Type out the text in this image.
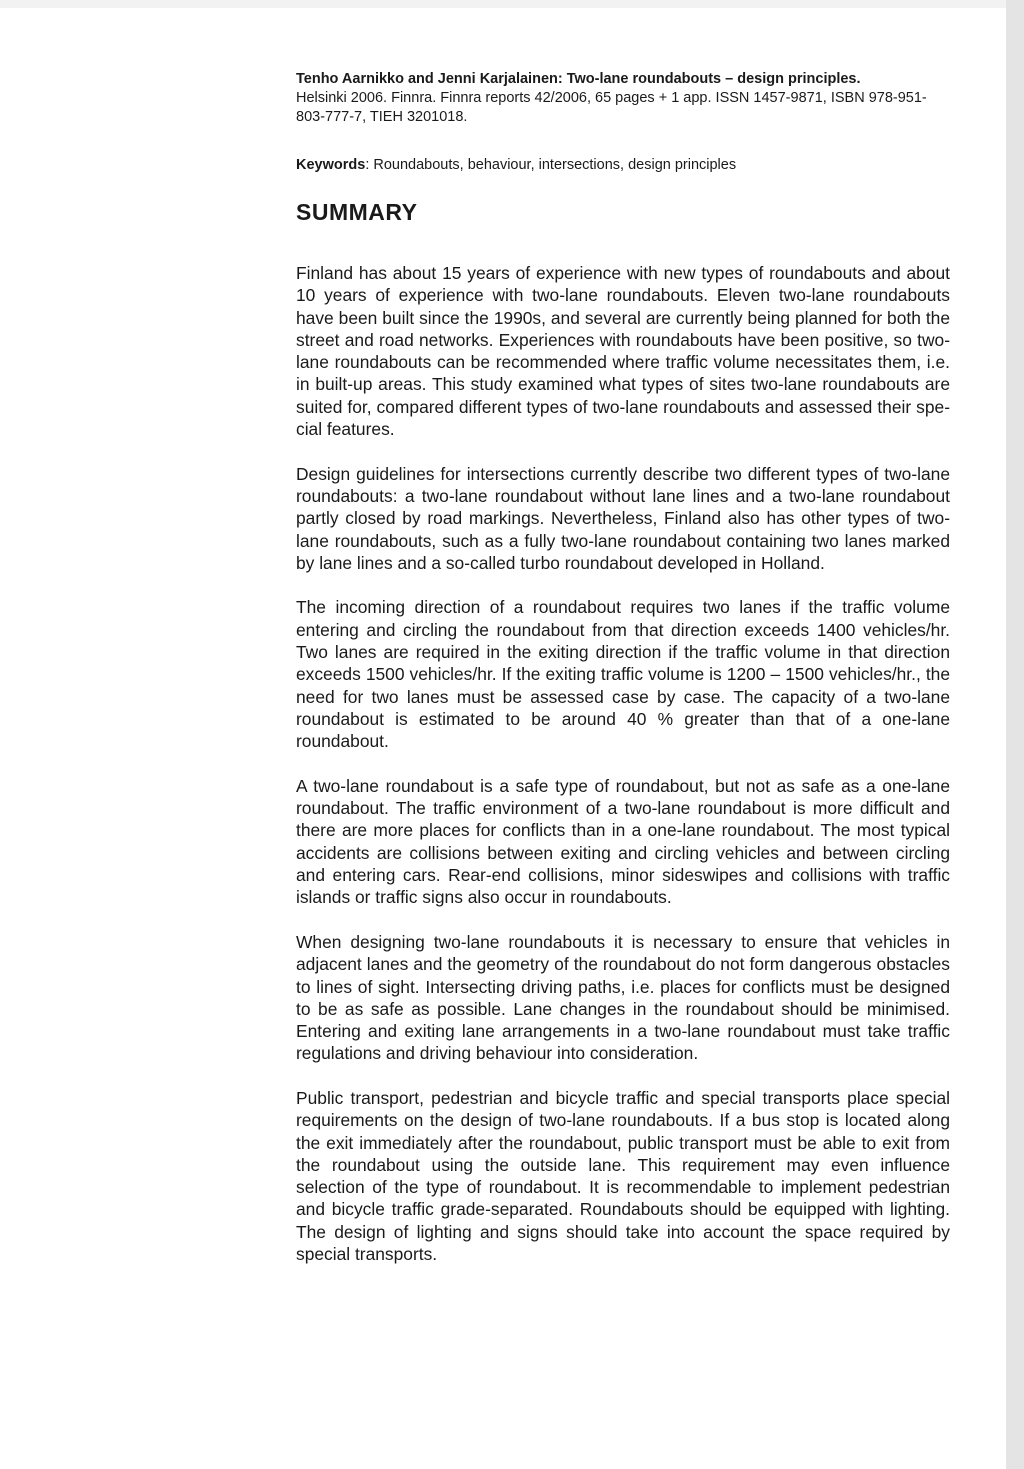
Tenho Aarnikko and Jenni Karjalainen: Two-lane roundabouts – design principles.
Helsinki 2006. Finnra. Finnra reports 42/2006, 65 pages + 1 app. ISSN 1457-9871, ISBN 978-951-803-777-7, TIEH 3201018.

Keywords: Roundabouts, behaviour, intersections, design principles

SUMMARY

Finland has about 15 years of experience with new types of roundabouts and about 10 years of experience with two-lane roundabouts. Eleven two-lane roundabouts have been built since the 1990s, and several are currently being planned for both the street and road networks. Experiences with roundabouts have been positive, so two-lane roundabouts can be recommended where traffic volume necessitates them, i.e. in built-up areas. This study examined what types of sites two-lane roundabouts are suited for, compared different types of two-lane roundabouts and assessed their special features.

Design guidelines for intersections currently describe two different types of two-lane roundabouts: a two-lane roundabout without lane lines and a two-lane roundabout partly closed by road markings. Nevertheless, Finland also has other types of two-lane roundabouts, such as a fully two-lane roundabout containing two lanes marked by lane lines and a so-called turbo roundabout developed in Holland.

The incoming direction of a roundabout requires two lanes if the traffic volume entering and circling the roundabout from that direction exceeds 1400 vehicles/hr. Two lanes are required in the exiting direction if the traffic volume in that direction exceeds 1500 vehicles/hr. If the exiting traffic volume is 1200 – 1500 vehicles/hr., the need for two lanes must be assessed case by case. The capacity of a two-lane roundabout is estimated to be around 40 % greater than that of a one-lane roundabout.

A two-lane roundabout is a safe type of roundabout, but not as safe as a one-lane roundabout. The traffic environment of a two-lane roundabout is more difficult and there are more places for conflicts than in a one-lane roundabout. The most typical accidents are collisions between exiting and circling vehicles and between circling and entering cars. Rear-end collisions, minor sideswipes and collisions with traffic islands or traffic signs also occur in roundabouts.

When designing two-lane roundabouts it is necessary to ensure that vehicles in adjacent lanes and the geometry of the roundabout do not form dangerous obstacles to lines of sight. Intersecting driving paths, i.e. places for conflicts must be designed to be as safe as possible. Lane changes in the roundabout should be minimised. Entering and exiting lane arrangements in a two-lane roundabout must take traffic regulations and driving behaviour into consideration.

Public transport, pedestrian and bicycle traffic and special transports place special requirements on the design of two-lane roundabouts. If a bus stop is located along the exit immediately after the roundabout, public transport must be able to exit from the roundabout using the outside lane. This requirement may even influence selection of the type of roundabout. It is recommendable to implement pedestrian and bicycle traffic grade-separated. Roundabouts should be equipped with lighting. The design of lighting and signs should take into account the space required by special transports.
